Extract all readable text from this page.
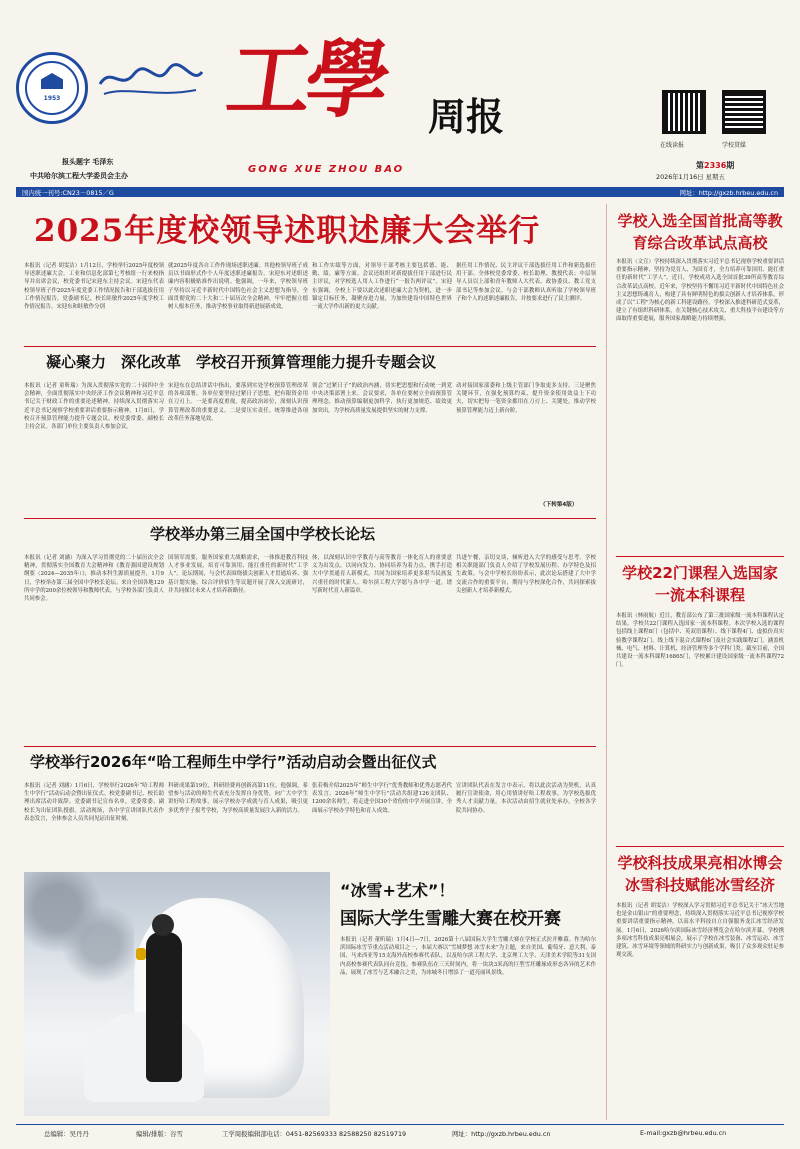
1953 工學 周报
GONG XUE ZHOU BAO
报头题字 毛泽东
中共哈尔滨工程大学委员会主办
在线读报	学校贯媒
第2336期
2026年1月16日 星期五
国内统一刊号:CN23－0815／G	网址：http://gxzb.hrbeu.edu.cn
2025年度校领导述职述廉大会举行
本报讯（记者 胡雯洁）1月12日，学校举行2025年度校领导述职述廉大会。工业和信息化部第七考核组一行来校指导并出席会议，校党委书记宋迎东主持会议。宋迎东代表校领导班子作2025年度党委工作情况报告和干部选拔任用工作情况报告，党委副书记、校长眭敏作2025年度学校工作情况报告。宋迎东和眭敏作分别
就2025年度各自工作作现场述职述廉。其他校领导班子成员以书面形式作个人年度述职述廉报告。宋迎东对述职述廉内容积极贴准作出说明。他强调，一年来，学校领导班子坚持以习近平新时代中国特色社会主义思想为指导，全面贯彻党的二十大和二十届历次全会精神，牢牢把握立德树人根本任务，推动学校事业取得新进展新成效。
和工作实绩等方面，对领导干部考核主要包括德、能、勤、绩、廉等方面。会议还组织对新提拔任用干部进行民主评议，对学校选人用人工作进行“一报告两评议”。宋迎东强调，全校上下要以此次述职述廉大会为契机，进一步锚定目标任务，凝聚奋进力量，为加快建设中国特色世界一流大学作出新的更大贡献。
据任用工作情况、民主评议干部选拔任用工作和新选拔任用干部。全体校党委常委、校长助理、教授代表；中层领导人员以上部和青年教师人大代表、政协委员、教工党支部书记等参加会议。与会干部教师认真听取了学校领导班子和个人的述职述廉报告，并按要求进行了民主测评。
凝心聚力　深化改革　学校召开预算管理能力提升专题会议
本报讯（记者 童昕瑞）为深入贯彻落实党的二十届四中全会精神，全面贯彻落实中央经济工作会议精神和习近平总书记关于财政工作的重要论述精神，持续深入贯彻落实习近平总书记视察学校重要讲话重要指示精神，1月8日，学校召开预算管理能力提升专题会议。校党委常委、副校长主持会议。各部门单位主要负责人参加会议。
宋迎东在总结讲话中指出，要落到实处学校预算管理改革的各项部署。各单位要坚持过紧日子思想，把有限资金用在刀刃上。一是要高度重视，提高政治站位，深刻认识预算管理改革的重要意义。二是要压实责任，统筹推进各项改革任务落地见效。
领会“过紧日子”的政治内涵，切实把思想和行动统一到党中央决策部署上来。会议要求，各单位要树立全面预算管理理念，推动预算编制更加科学、执行更加规范、绩效更加突出，为学校高质量发展提供坚实的财力支撑。
动对接国家部委和上级主管部门争取更多支持。三是聚焦关键环节，在强化预算约束、提升资金使用效益上下功夫，切实把每一笔资金都用在刀刃上、关键处，推动学校预算管理能力迈上新台阶。
（下转第4版）
学校举办第三届全国中学校长论坛
本报讯（记者 刘涵）为深入学习贯彻党的二十届历次全会精神，贯彻落实全国教育大会精神和《教育强国建设规划纲要（2024—2035年）》，推动本科生源质量提升，1月9日，学校举办第三届全国中学校长论坛。来自全国各地129所中学的200余位校领导和教师代表，与学校各部门负责人共同参会。
国领军需要，服务国家重大战略需求，一体推进教育科技人才事业发展，培育可靠顶用、能扛重任的新时代“工学人”。论坛期间，与会代表围绕拔尖创新人才贯通培养、强基计划实施、综合评价招生等议题开展了深入交流研讨，并共同探讨未来人才培养新路径。
体，以深刻认识中学教育与高等教育一体化育人的重要意义为出发点，以同向发力、协同培养为着力点，携手打造大中学贯通育人新模式，共同为国家培养更多堪当民族复兴重任的时代新人。哈尔滨工程大学愿与各中学一道，谱写新时代育人新篇章。
共进午餐，亲切交谈，倾听进入大学的感受与思考。学校相关职能部门负责人介绍了学校发展历程、办学特色及招生政策。与会中学校长纷纷表示，此次论坛搭建了大中学交流合作的重要平台，期待与学校深化合作，共同探索拔尖创新人才培养新模式。
学校举行2026年“哈工程师生中学行”活动启动会暨出征仪式
本报讯（记者 刘涵）1月6日，学校举行2026年“哈工程师生中学行”活动启动会暨出征仪式。校党委副书记、校长助理出席活动并致辞。党委副书记宣布名单，党委常委、副校长为出征团队授旗。活动现场，各中学宣讲团队代表作表态发言，全体参会人员共同见证出征时刻。
科研成果第19位，科研经费再创新高第11位。他强调，希望参与活动的师生代表充分发挥自身优势，向广大中学生讲好哈工程故事，展示学校办学成就与育人成果，吸引更多优秀学子报考学校，为学校高质量发展注入新的活力。
张若梅介绍2025年“师生中学行”优秀教师和优秀志愿者代表发言。2026年“师生中学行”活动共组建126支团队、1200余名师生，将走进全国30个省份的中学开展宣讲，全面展示学校办学特色和育人成效。
宣讲团队代表在发言中表示，将以此次活动为契机，认真履行宣讲使命，用心用情讲好哈工程故事，为学校选拔优秀人才贡献力量。本次活动由招生就业处承办，全校各学院共同协办。
“冰雪+艺术”！
国际大学生雪雕大赛在校开赛
本报讯（记者 董昕瑞）1月4日—7日，2026第十八届国际大学生雪雕大赛在学校正式拉开帷幕。作为哈尔滨国际冰雪节重点活动项目之一，本届大赛以“雪域梦想 冰雪未来”为主题，来自美国、葡萄牙、意大利、泰国、马来西亚等15支海外高校参赛代表队，以及哈尔滨工程大学、北京理工大学、天津美术学院等31支国内高校参赛代表队同台竞技。参赛队伍在三天时间内，将一块块3米高的巨型雪坯雕琢成形态各异的艺术作品，展现了冰雪与艺术融合之美，为冰城冬日增添了一道亮丽风景线。
学校入选全国首批高等教育综合改革试点高校
本报讯（文宣）学校持续深入贯彻落实习近平总书记视察学校重要讲话重要指示精神，坚持为党育人、为国育才，全力培养可靠顶用、能扛重任的新时代“工学人”。近日，学校成功入选全国首批39所高等教育综合改革试点高校。近年来，学校坚持不懈用习近平新时代中国特色社会主义思想铸魂育人，构建了具有鲜明特色的拔尖创新人才培养体系，形成了以“工程”为核心的新工科建设路径。学校深入推进科研范式变革，建立了有组织科研体系，在关键核心技术攻关、重大科技平台建设等方面取得重要进展，服务国家战略能力持续增强。
学校22门课程入选国家一流本科课程
本报讯（林雨航）近日，教育部公布了第三批国家级一流本科课程认定结果，学校共22门课程入选国家一流本科课程。本次学校入选的课程包括线上课程8门（包括中、英双语课程）、线下课程4门、虚拟仿真实验教学课程2门，线上线下混合式课程6门及社会实践课程2门，涵盖机械、电气、材料、计算机、经济管理等多个学科门类。截至目前，全国共建设一流本科课程16865门，学校累计建设国家级一流本科课程72门。
学校科技成果亮相冰博会冰雪科技赋能冰雪经济
本报讯（记者 胡雯洁）学校深入学习贯彻习近平总书记关于“冰天雪地也是金山银山”的重要理念，持续深入贯彻落实习近平总书记视察学校重要讲话重要指示精神，以高水平科技自立自强服务龙江冰雪经济发展。1月6日，2026哈尔滨国际冰雪经济博览会在哈尔滨开幕，学校携多项冰雪科技成果亮相展会，展示了学校在冰雪装备、冰雪运动、冰雪建筑、冰雪环境等领域的科研实力与创新成果，吸引了众多观众驻足参观交流。
总编辑：吴丹丹	编辑/排版：谷雪	工学周报编辑部电话：0451-82569333 82588250 82519719	网址：http://gxzb.hrbeu.edu.cn	E-mail:gxzb@hrbeu.edu.cn
